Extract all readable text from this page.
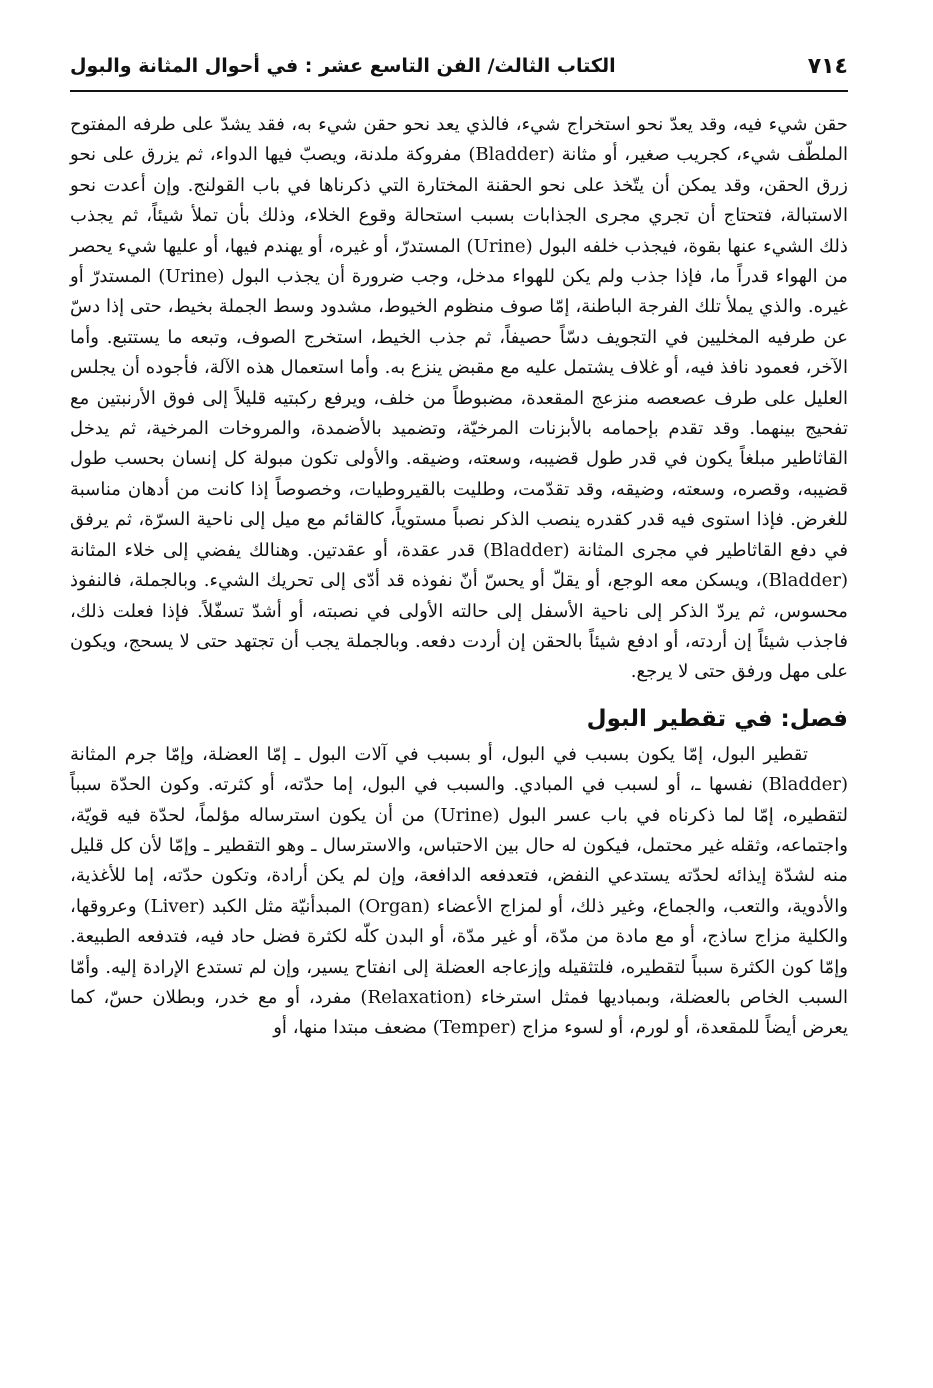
٧١٤
الكتاب الثالث/ الفن التاسع عشر : في أحوال المثانة والبول

حقن شيء فيه، وقد يعدّ نحو استخراج شيء، فالذي يعد نحو حقن شيء به، فقد يشدّ على طرفه المفتوح الملطّف شيء، كجريب صغير، أو مثانة (Bladder) مفروكة ملدنة، ويصبّ فيها الدواء، ثم يزرق على نحو زرق الحقن، وقد يمكن أن يتّخذ على نحو الحقنة المختارة التي ذكرناها في باب القولنج. وإن أعدت نحو الاستبالة، فتحتاج أن تجري مجرى الجذابات بسبب استحالة وقوع الخلاء، وذلك بأن تملأ شيئاً، ثم يجذب ذلك الشيء عنها بقوة، فيجذب خلفه البول (Urine) المستدرّ، أو غيره، أو يهندم فيها، أو عليها شيء يحصر من الهواء قدراً ما، فإذا جذب ولم يكن للهواء مدخل، وجب ضرورة أن يجذب البول (Urine) المستدرّ أو غيره. والذي يملأ تلك الفرجة الباطنة، إمّا صوف منظوم الخيوط، مشدود وسط الجملة بخيط، حتى إذا دسّ عن طرفيه المخليين في التجويف دسّاً حصيفاً، ثم جذب الخيط، استخرج الصوف، وتبعه ما يستتبع. وأما الآخر، فعمود نافذ فيه، أو غلاف يشتمل عليه مع مقبض ينزع به. وأما استعمال هذه الآلة، فأجوده أن يجلس العليل على طرف عصعصه منزعج المقعدة، مضبوطاً من خلف، ويرفع ركبتيه قليلاً إلى فوق الأرنبتين مع تفحيج بينهما. وقد تقدم بإحمامه بالأبزنات المرخيّة، وتضميد بالأضمدة، والمروخات المرخية، ثم يدخل القاثاطير مبلغاً يكون في قدر طول قضيبه، وسعته، وضيقه. والأولى تكون مبولة كل إنسان بحسب طول قضيبه، وقصره، وسعته، وضيقه، وقد تقدّمت، وطليت بالقيروطيات، وخصوصاً إذا كانت من أدهان مناسبة للغرض. فإذا استوى فيه قدر كقدره ينصب الذكر نصباً مستوياً، كالقائم مع ميل إلى ناحية السرّة، ثم يرفق في دفع القاثاطير في مجرى المثانة (Bladder) قدر عقدة، أو عقدتين. وهنالك يفضي إلى خلاء المثانة (Bladder)، ويسكن معه الوجع، أو يقلّ أو يحسّ أنّ نفوذه قد أدّى إلى تحريك الشيء. وبالجملة، فالنفوذ محسوس، ثم يردّ الذكر إلى ناحية الأسفل إلى حالته الأولى في نصبته، أو أشدّ تسفّلاً. فإذا فعلت ذلك، فاجذب شيئاً إن أردته، أو ادفع شيئاً بالحقن إن أردت دفعه. وبالجملة يجب أن تجتهد حتى لا يسحج، ويكون على مهل ورفق حتى لا يرجع.

فصل: في تقطير البول

تقطير البول، إمّا يكون بسبب في البول، أو بسبب في آلات البول ـ إمّا العضلة، وإمّا جرم المثانة (Bladder) نفسها ـ، أو لسبب في المبادي. والسبب في البول، إما حدّته، أو كثرته. وكون الحدّة سبباً لتقطيره، إمّا لما ذكرناه في باب عسر البول (Urine) من أن يكون استرساله مؤلماً، لحدّة فيه قويّة، واجتماعه، وثقله غير محتمل، فيكون له حال بين الاحتباس، والاسترسال ـ وهو التقطير ـ وإمّا لأن كل قليل منه لشدّة إيذائه لحدّته يستدعي النفض، فتعدفعه الدافعة، وإن لم يكن أرادة، وتكون حدّته، إما للأغذية، والأدوية، والتعب، والجماع، وغير ذلك، أو لمزاج الأعضاء (Organ) المبدأنيّة مثل الكبد (Liver) وعروقها، والكلية مزاج ساذج، أو مع مادة من مدّة، أو غير مدّة، أو البدن كلّه لكثرة فضل حاد فيه، فتدفعه الطبيعة. وإمّا كون الكثرة سبباً لتقطيره، فلتثقيله وإزعاجه العضلة إلى انفتاح يسير، وإن لم تستدع الإرادة إليه. وأمّا السبب الخاص بالعضلة، وبمباديها فمثل استرخاء (Relaxation) مفرد، أو مع خدر، وبطلان حسّ، كما يعرض أيضاً للمقعدة، أو لورم، أو لسوء مزاج (Temper) مضعف مبتدا منها، أو
